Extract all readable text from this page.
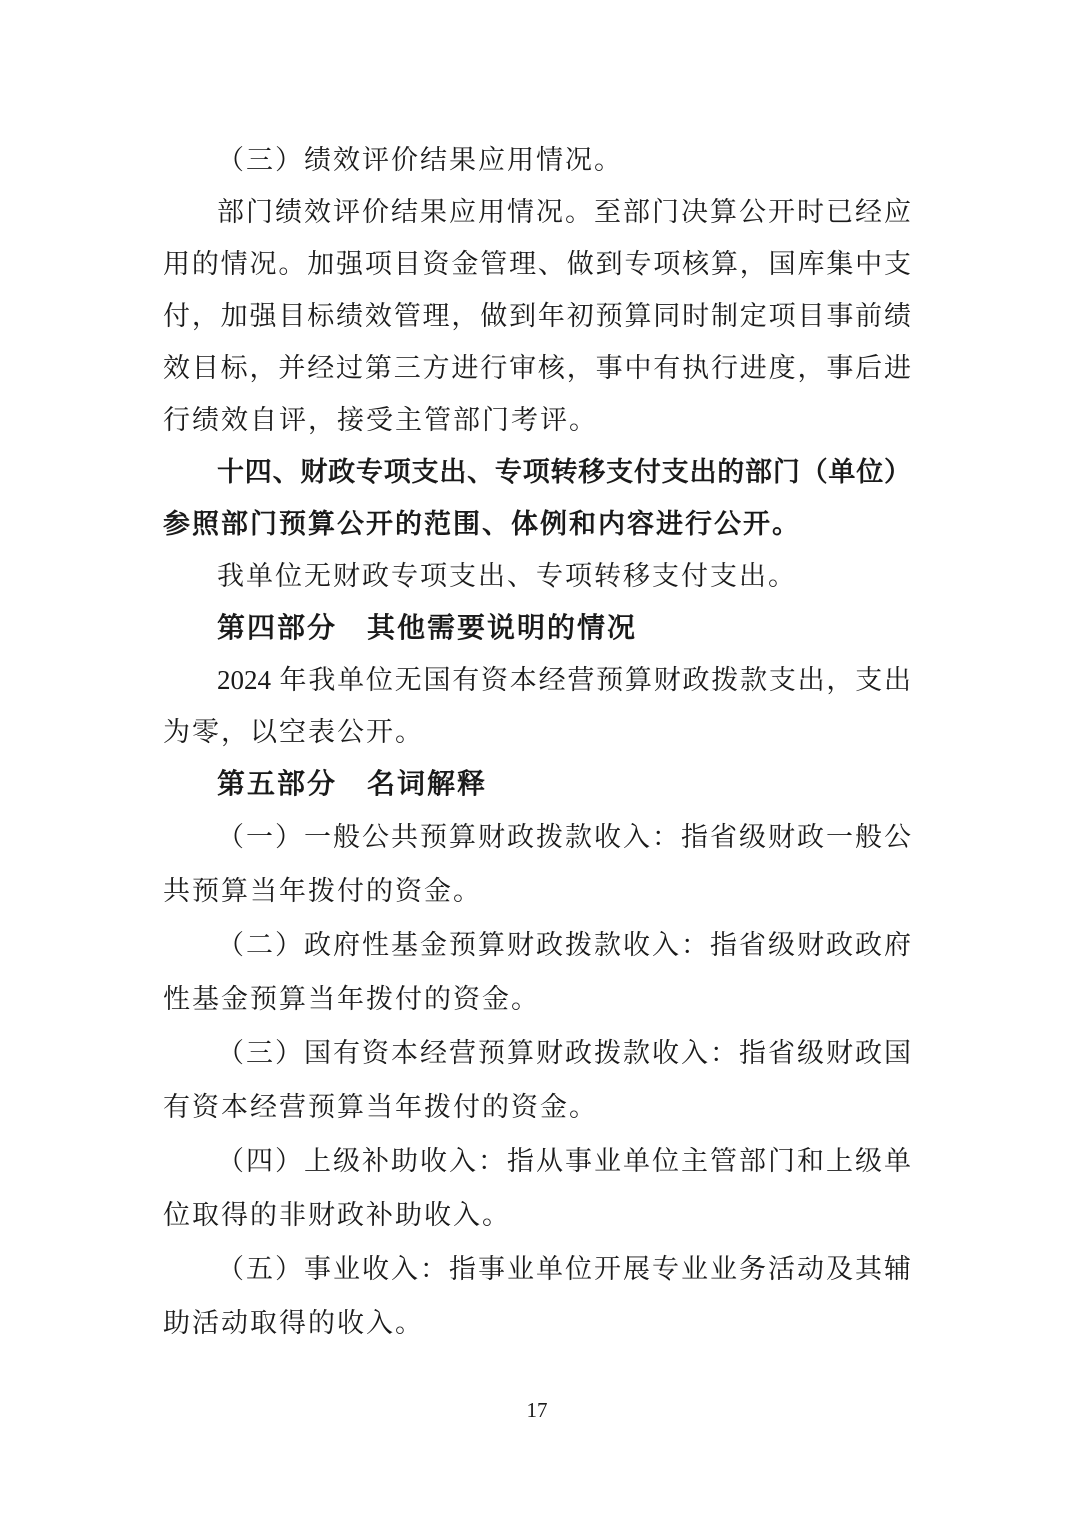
（三）绩效评价结果应用情况。
部门绩效评价结果应用情况。至部门决算公开时已经应
用的情况。加强项目资金管理、做到专项核算，国库集中支
付，加强目标绩效管理，做到年初预算同时制定项目事前绩
效目标，并经过第三方进行审核，事中有执行进度，事后进
行绩效自评，接受主管部门考评。
十四、财政专项支出、专项转移支付支出的部门（单位）
参照部门预算公开的范围、体例和内容进行公开。
我单位无财政专项支出、专项转移支付支出。
第四部分　其他需要说明的情况
2024 年我单位无国有资本经营预算财政拨款支出，支出
为零，以空表公开。
第五部分　名词解释
（一）一般公共预算财政拨款收入：指省级财政一般公
共预算当年拨付的资金。
（二）政府性基金预算财政拨款收入：指省级财政政府
性基金预算当年拨付的资金。
（三）国有资本经营预算财政拨款收入：指省级财政国
有资本经营预算当年拨付的资金。
（四）上级补助收入：指从事业单位主管部门和上级单
位取得的非财政补助收入。
（五）事业收入：指事业单位开展专业业务活动及其辅
助活动取得的收入。
17
